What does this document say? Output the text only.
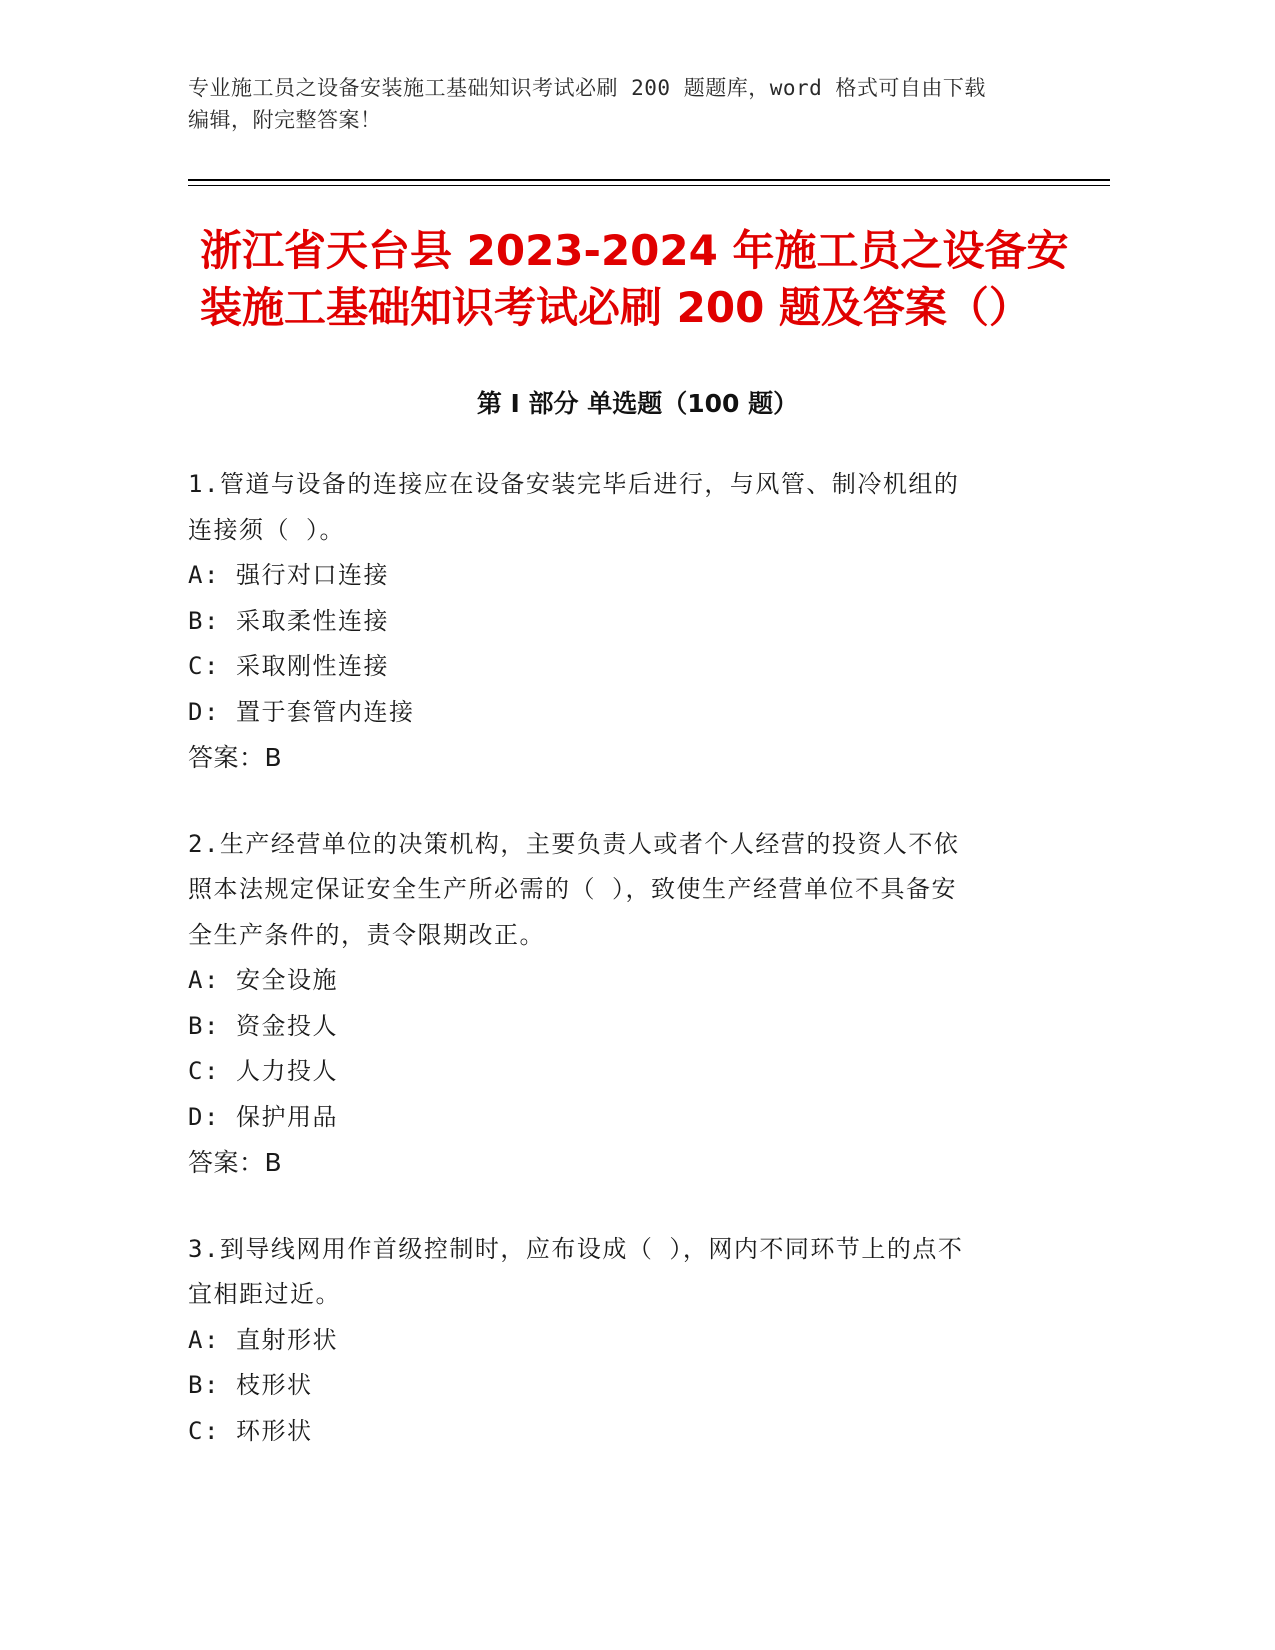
专业施工员之设备安装施工基础知识考试必刷 200 题题库，word 格式可自由下载
编辑，附完整答案！
浙江省天台县 2023-2024 年施工员之设备安
装施工基础知识考试必刷 200 题及答案（）
第 I 部分 单选题（100 题）

1.管道与设备的连接应在设备安装完毕后进行，与风管、制冷机组的

连接须（ ）。

A: 强行对口连接
B: 采取柔性连接
C: 采取刚性连接
D: 置于套管内连接

答案：B

2.生产经营单位的决策机构，主要负责人或者个人经营的投资人不依

照本法规定保证安全生产所必需的（ ），致使生产经营单位不具备安

全生产条件的，责令限期改正。

A: 安全设施
B: 资金投人
C: 人力投人
D: 保护用品

答案：B

3.到导线网用作首级控制时，应布设成（ ），网内不同环节上的点不

宜相距过近。

A: 直射形状
B: 枝形状
C: 环形状
